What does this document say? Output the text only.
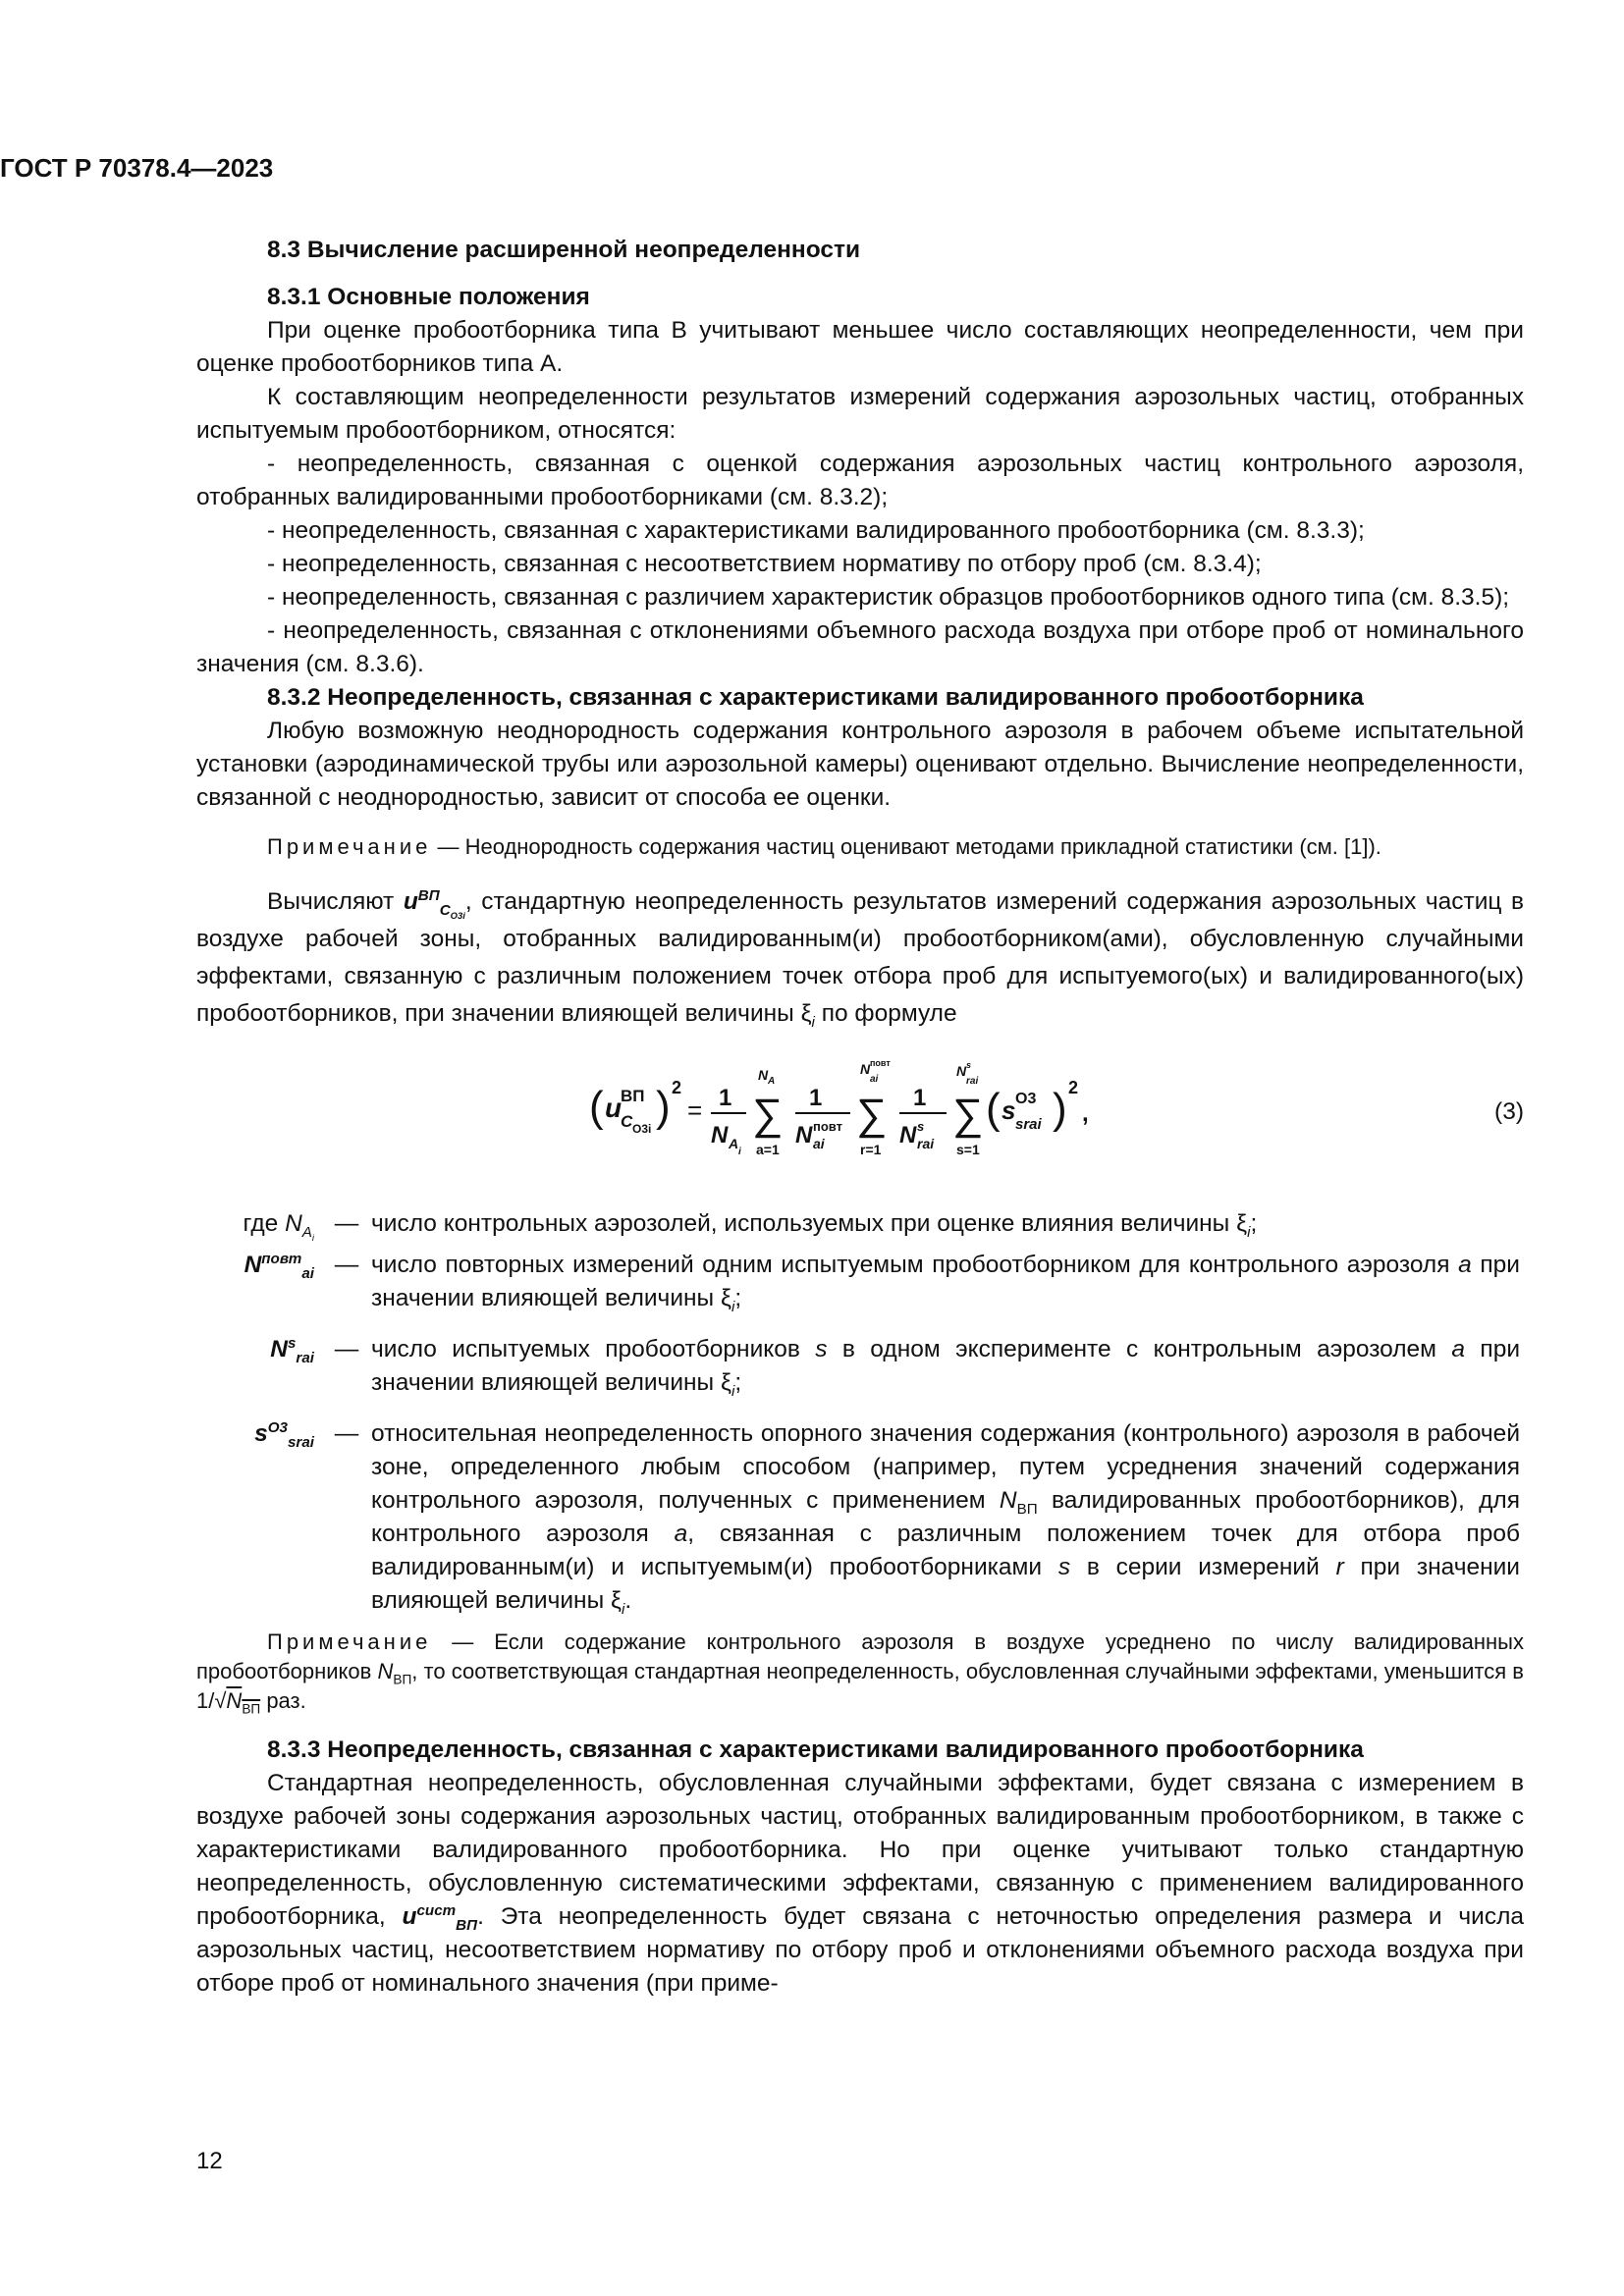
ГОСТ Р 70378.4—2023

8.3 Вычисление расширенной неопределенности

8.3.1 Основные положения

При оценке пробоотборника типа В учитывают меньшее число составляющих неопределенности, чем при оценке пробоотборников типа А.

К составляющим неопределенности результатов измерений содержания аэрозольных частиц, отобранных испытуемым пробоотборником, относятся:

- неопределенность, связанная с оценкой содержания аэрозольных частиц контрольного аэрозоля, отобранных валидированными пробоотборниками (см. 8.3.2);

- неопределенность, связанная с характеристиками валидированного пробоотборника (см. 8.3.3);

- неопределенность, связанная с несоответствием нормативу по отбору проб (см. 8.3.4);

- неопределенность, связанная с различием характеристик образцов пробоотборников одного типа (см. 8.3.5);

- неопределенность, связанная с отклонениями объемного расхода воздуха при отборе проб от номинального значения (см. 8.3.6).

8.3.2 Неопределенность, связанная с характеристиками валидированного пробоотборника

Любую возможную неоднородность содержания контрольного аэрозоля в рабочем объеме испытательной установки (аэродинамической трубы или аэрозольной камеры) оценивают отдельно. Вычисление неопределенности, связанной с неоднородностью, зависит от способа ее оценки.

Примечание — Неоднородность содержания частиц оценивают методами прикладной статистики (см. [1]).

Вычисляют $u^{ВП}_{C_{O3i}}$, стандартную неопределенность результатов измерений содержания аэрозольных частиц в воздухе рабочей зоны, отобранных валидированным(и) пробоотборником(ами), обусловленную случайными эффектами, связанную с различным положением точек отбора проб для испытуемого(ых) и валидированного(ых) пробоотборников, при значении влияющей величины $\xi_i$ по формуле

( u
ВП
C O3i ) 2
= 1
N A
i
N A
∑
a=1
1
N повт
ai
N повт
ai
∑
r=1
1
N s
rai
N s
rai
∑
s=1
( s O3
srai ) 2
,	(3)
где $N_{A_i}$	—	число контрольных аэрозолей, используемых при оценке влияния величины $\xi_i$;
$N^{повт}_{ai}$	—	число повторных измерений одним испытуемым пробоотборником для контрольного аэрозоля a при значении влияющей величины $\xi_i$;
$N^s_{rai}$	—	число испытуемых пробоотборников s в одном эксперименте с контрольным аэрозолем a при значении влияющей величины $\xi_i$;
$s^{O3}_{srai}$	—	относительная неопределенность опорного значения содержания (контрольного) аэрозоля в рабочей зоне, определенного любым способом (например, путем усреднения значений содержания контрольного аэрозоля, полученных с применением $N_{ВП}$ валидированных пробоотборников), для контрольного аэрозоля a, связанная с различным положением точек для отбора проб валидированным(и) и испытуемым(и) пробоотборниками s в серии измерений r при значении влияющей величины $\xi_i$.

Примечание — Если содержание контрольного аэрозоля в воздухе усреднено по числу валидированных пробоотборников $N_{ВП}$, то соответствующая стандартная неопределенность, обусловленная случайными эффектами, уменьшится в $1/√N_{ВП}$ раз.

8.3.3 Неопределенность, связанная с характеристиками валидированного пробоотборника

Стандартная неопределенность, обусловленная случайными эффектами, будет связана с измерением в воздухе рабочей зоны содержания аэрозольных частиц, отобранных валидированным пробоотборником, в также с характеристиками валидированного пробоотборника. Но при оценке учитывают только стандартную неопределенность, обусловленную систематическими эффектами, связанную с применением валидированного пробоотборника, $u^{сист}_{ВП}$. Эта неопределенность будет связана с неточностью определения размера и числа аэрозольных частиц, несоответствием нормативу по отбору проб и отклонениями объемного расхода воздуха при отборе проб от номинального значения (при приме-

12
